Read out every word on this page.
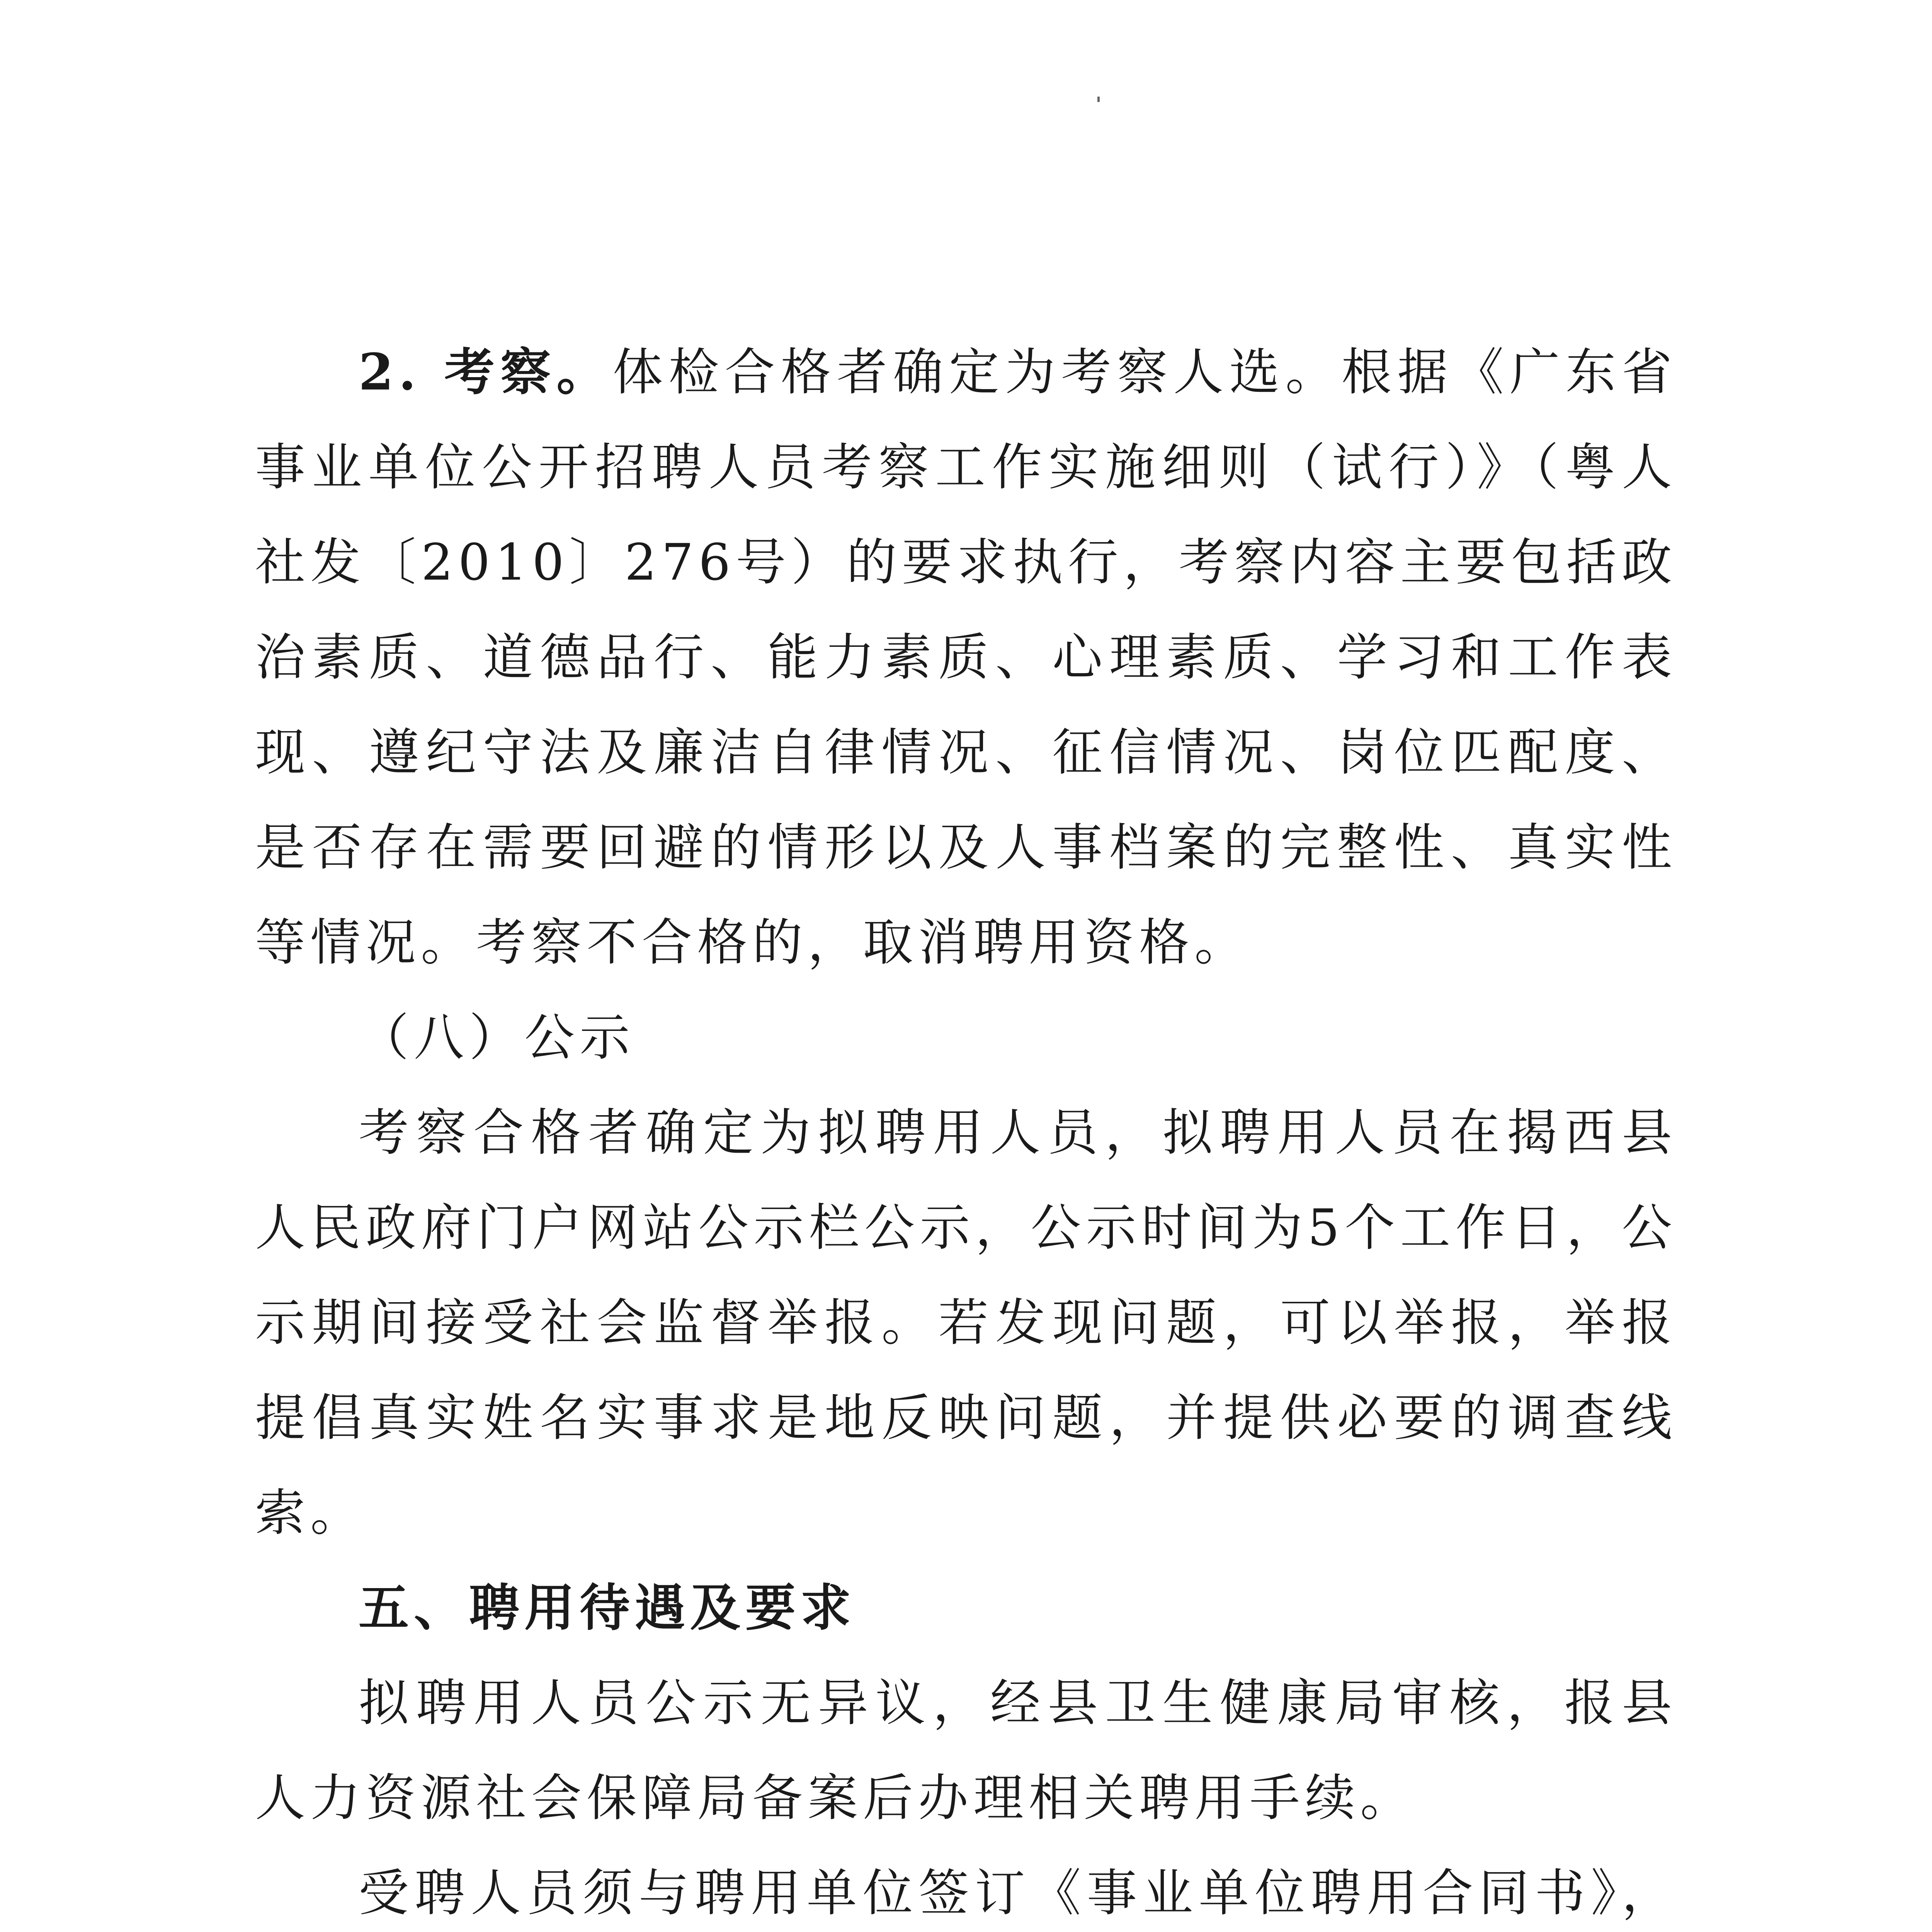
2. 考察。体检合格者确定为考察人选。根据《广东省事业单位公开招聘人员考察工作实施细则（试行）》（粤人社发〔2010〕276号）的要求执行，考察内容主要包括政治素质、道德品行、能力素质、心理素质、学习和工作表现、遵纪守法及廉洁自律情况、征信情况、岗位匹配度、是否存在需要回避的情形以及人事档案的完整性、真实性等情况。考察不合格的，取消聘用资格。

（八）公示

考察合格者确定为拟聘用人员，拟聘用人员在揭西县人民政府门户网站公示栏公示，公示时间为5个工作日，公示期间接受社会监督举报。若发现问题，可以举报，举报提倡真实姓名实事求是地反映问题，并提供必要的调查线索。

五、聘用待遇及要求

拟聘用人员公示无异议，经县卫生健康局审核，报县人力资源社会保障局备案后办理相关聘用手续。

受聘人员须与聘用单位签订《事业单位聘用合同书》，
